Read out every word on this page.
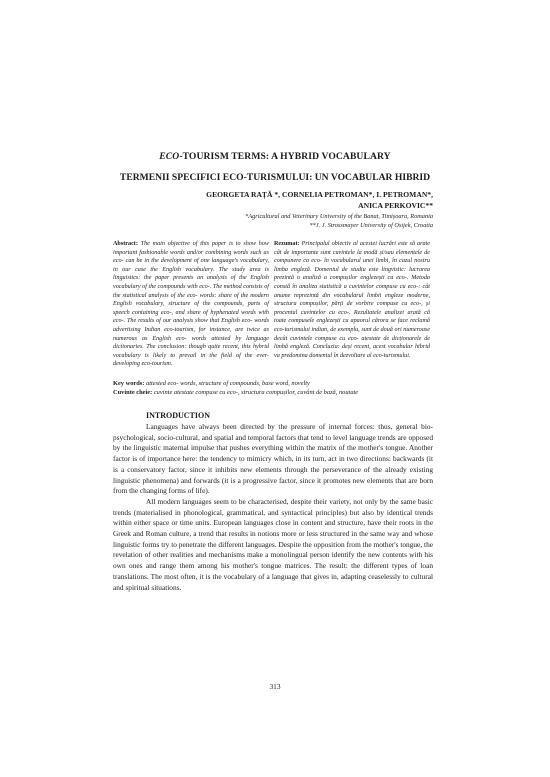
ECO-TOURISM TERMS: A HYBRID VOCABULARY
TERMENII SPECIFICI ECO-TURISMULUI: UN VOCABULAR HIBRID
GEORGETA RAȚĂ *, CORNELIA PETROMAN*, I. PETROMAN*, ANICA PERKOVIC**
*Agricultural and Veterinary University of the Banat, Timișoara, Romania
**J. J. Strossmayer University of Osijek, Croatia
Abstract: The main objective of this paper is to show how important fashionable words and/or combining words such as eco- can be in the development of one language's vocabulary, in our case the English vocabulary. The study area is linguistics: the paper presents an analysis of the English vocabulary of the compounds with eco-. The method consists of the statistical analysis of the eco- words: share of the modern English vocabulary, structure of the compounds, parts of speech containing eco-, and share of hyphenated words with eco-. The results of our analysis show that English eco- words advertising Indian eco-tourism, for instance, are twice as numerous as English eco- words attested by language dictionaries. The conclusion: though quite recent, this hybrid vocabulary is likely to prevail in the field of the ever-developing eco-tourism.
Rezumat: Principalul obiectiv al acestei lucrări este să arate cât de importante sunt cuvintele la modă și/sau elementele de compunere ca eco- în vocabularul unei limbi, în cazul nostru limba engleză. Domeniul de studiu este lingvistic: lucrarea prezintă o analiză a compușilor englezești cu eco-. Metoda constă în analiza statistică a cuvintelor compuse cu eco-: cât anume reprezintă din vocabularul limbii engleze moderne, structura compușilor, părți de vorbire compuse cu eco-, și procentul cuvintelor cu eco-. Rezultatele analizei arată că toate compusele englezești cu apaorul cărora se face reclamă eco-turismului indian, de exemplu, sunt de două ori numeroase decât cuvintele compuse cu eco- atestate de dicționarele de limbă engleză. Concluzia: deși recent, acest vocabular hibrid va predomina domeniul în dezvoltare al eco-turismului.
Key words: attested eco- words, structure of compounds, base word, novelty
Cuvinte cheie: cuvinte atestate compuse cu eco-, structura compușilor, cuvânt de bază, noutate
INTRODUCTION

Languages have always been directed by the pressure of internal forces: thus, general bio-psychological, socio-cultural, and spatial and temporal factors that tend to level language trends are opposed by the linguistic maternal impulse that pushes everything within the matrix of the mother's tongue. Another factor is of importance here: the tendency to mimicry which, in its turn, act in two directions: backwards (it is a conservatory factor, since it inhibits new elements through the perseverance of the already existing linguistic phenomena) and forwards (it is a progressive factor, since it promotes new elements that are born from the changing forms of life).

All modern languages seem to be characterised, despite their variety, not only by the same basic trends (materialised in phonological, grammatical, and syntactical principles) but also by identical trends within either space or time units. European languages close in content and structure, have their roots in the Greek and Roman culture, a trend that results in notions more or less structured in the same way and whose linguistic forms try to penetrate the different languages. Despite the opposition from the mother's tongue, the revelation of other realities and mechanisms make a monolingual person identify the new contents with his own ones and range them among his mother's tongue matrices. The result: the different types of loan translations. The most often, it is the vocabulary of a language that gives in, adapting ceaselessly to cultural and spiritual situations.

313
